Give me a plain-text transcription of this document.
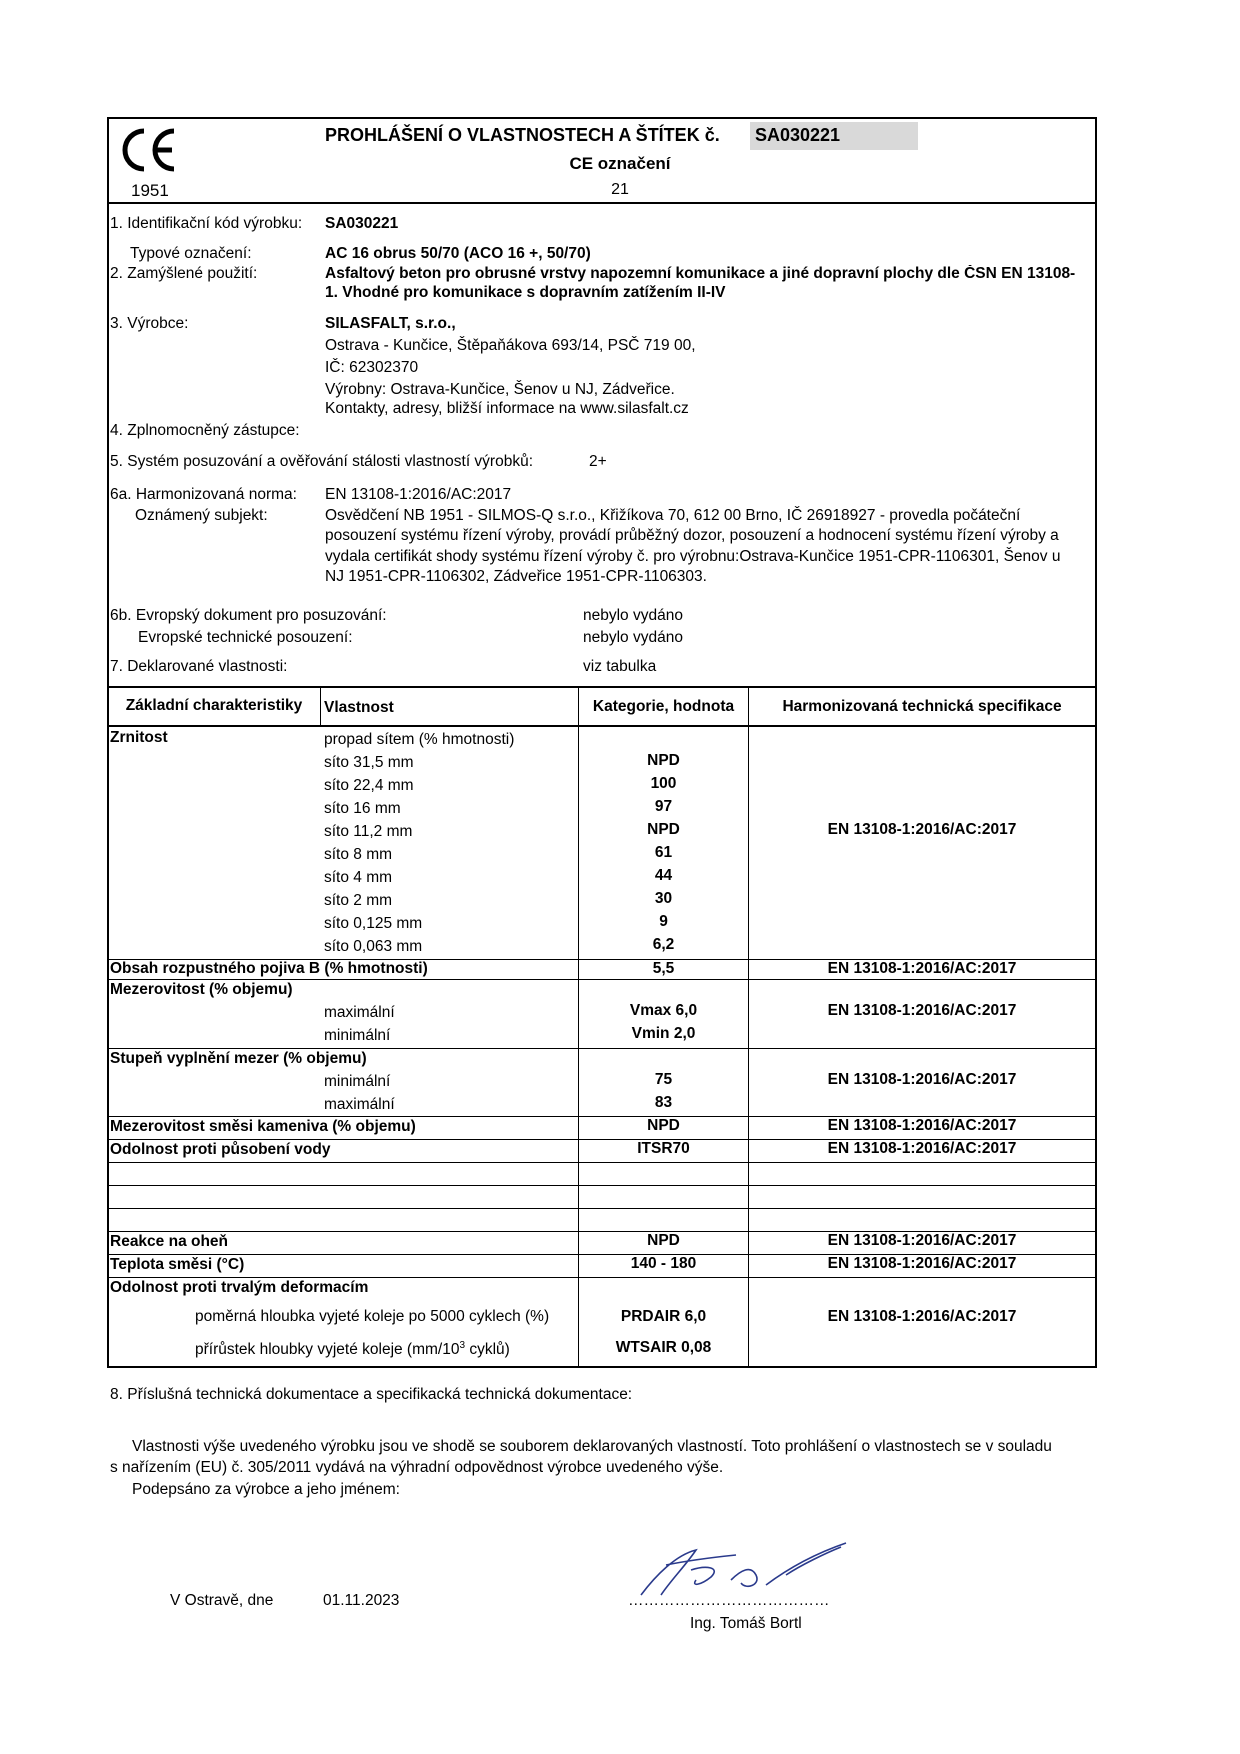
1951
PROHLÁŠENÍ O VLASTNOSTECH A ŠTÍTEK č. SA030221
CE označení
21
1. Identifikační kód výrobku: SA030221
Typové označení:	AC 16 obrus 50/70 (ACO 16 +, 50/70)
2. Zamýšlené použití:	Asfaltový beton pro obrusné vrstvy napozemní komunikace a jiné dopravní plochy dle ČSN EN 13108-
1. Vhodné pro komunikace s dopravním zatížením II-IV
3. Výrobce:	SILASFALT, s.r.o.,
Ostrava - Kunčice, Štěpaňákova 693/14, PSČ 719 00,
IČ: 62302370
Výrobny: Ostrava-Kunčice, Šenov u NJ, Zádveřice.
Kontakty, adresy, bližší informace na www.silasfalt.cz
4. Zplnomocněný zástupce:
5. Systém posuzování a ověřování stálosti vlastností výrobků:	2+
6a. Harmonizovaná norma: EN 13108-1:2016/AC:2017
Oznámený subjekt:	Osvědčení NB 1951 - SILMOS-Q s.r.o., Křižíkova 70, 612 00 Brno, IČ 26918927 - provedla počáteční
posouzení systému řízení výroby, provádí průběžný dozor, posouzení a hodnocení systému řízení výroby a
vydala certifikát shody systému řízení výroby č. pro výrobnu:Ostrava-Kunčice 1951-CPR-1106301, Šenov u
NJ 1951-CPR-1106302, Zádveřice 1951-CPR-1106303.
6b. Evropský dokument pro posuzování:	nebylo vydáno
Evropské technické posouzení:	nebylo vydáno
7. Deklarované vlastnosti:	viz tabulka
Základní charakteristiky	Vlastnost	Kategorie, hodnota	Harmonizovaná technická specifikace
Zrnitost	propad sítem (% hmotnosti)
síto 31,5 mm	NPD
síto 22,4 mm	100
síto 16 mm	97
síto 11,2 mm	NPD
síto 8 mm	61
síto 4 mm	44
síto 2 mm	30
síto 0,125 mm	9
síto 0,063 mm	6,2
EN 13108-1:2016/AC:2017
Obsah rozpustného pojiva B (% hmotnosti)	5,5	EN 13108-1:2016/AC:2017
Mezerovitost (% objemu)
maximální	Vmax 6,0
minimální	Vmin 2,0
EN 13108-1:2016/AC:2017
Stupeň vyplnění mezer (% objemu)
minimální	75
maximální	83
EN 13108-1:2016/AC:2017
Mezerovitost směsi kameniva (% objemu)	NPD	EN 13108-1:2016/AC:2017
Odolnost proti působení vody	ITSR70	EN 13108-1:2016/AC:2017
Reakce na oheň	NPD	EN 13108-1:2016/AC:2017
Teplota směsi (°C)	140 - 180	EN 13108-1:2016/AC:2017
Odolnost proti trvalým deformacím
poměrná hloubka vyjeté koleje po 5000 cyklech (%)	PRDAIR 6,0	EN 13108-1:2016/AC:2017
přírůstek hloubky vyjeté koleje ($mm/10^3$ cyklů)	WTSAIR 0,08
8. Příslušná technická dokumentace a specifikacká technická dokumentace:
Vlastnosti výše uvedeného výrobku jsou ve shodě se souborem deklarovaných vlastností. Toto prohlášení o vlastnostech se v souladu
s nařízením (EU) č. 305/2011 vydává na výhradní odpovědnost výrobce uvedeného výše.
Podepsáno za výrobce a jeho jménem:
V Ostravě, dne	01.11.2023	…………………………………
Ing. Tomáš Bortl
